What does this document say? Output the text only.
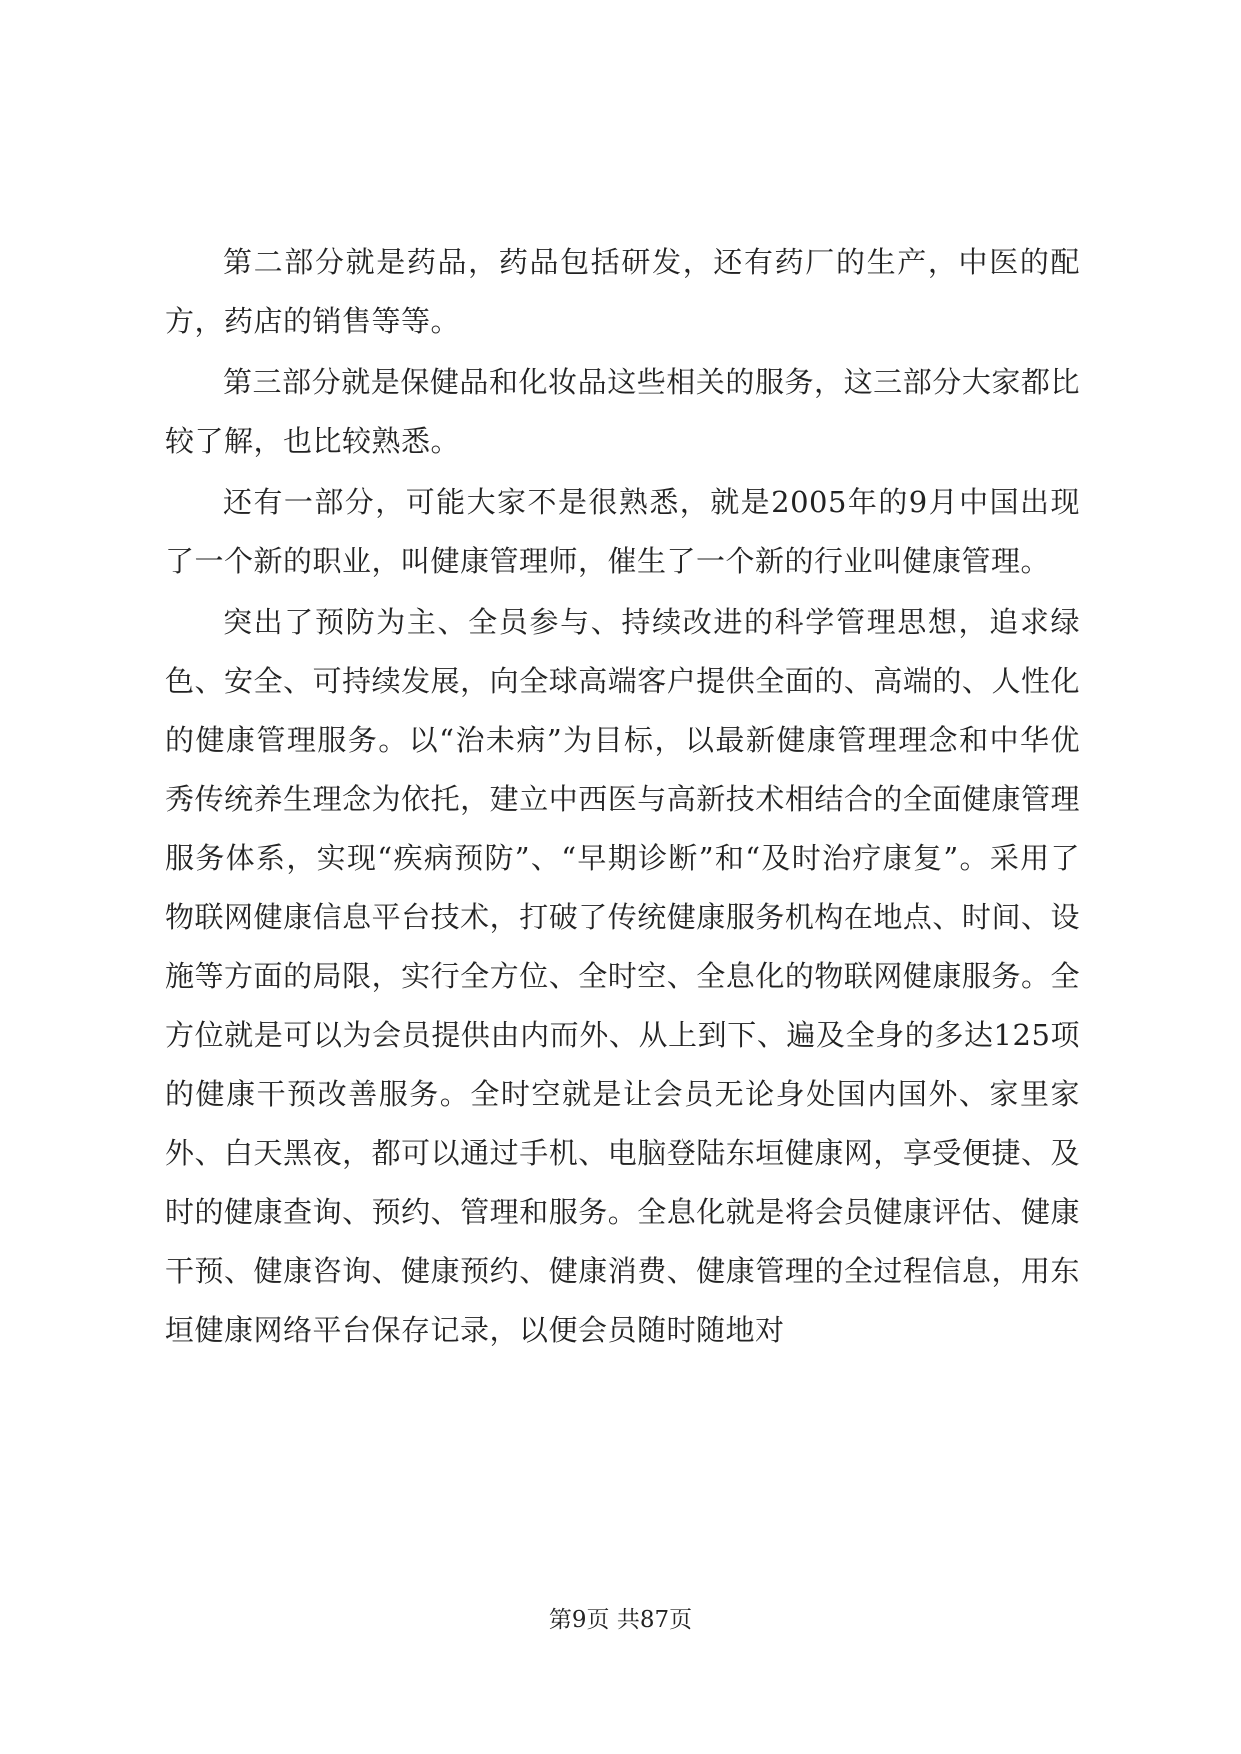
第二部分就是药品，药品包括研发，还有药厂的生产，中医的配方，药店的销售等等。

第三部分就是保健品和化妆品这些相关的服务，这三部分大家都比较了解，也比较熟悉。

还有一部分，可能大家不是很熟悉，就是2005年的9月中国出现了一个新的职业，叫健康管理师，催生了一个新的行业叫健康管理。

突出了预防为主、全员参与、持续改进的科学管理思想，追求绿色、安全、可持续发展，向全球高端客户提供全面的、高端的、人性化的健康管理服务。以“治未病”为目标，以最新健康管理理念和中华优秀传统养生理念为依托，建立中西医与高新技术相结合的全面健康管理服务体系，实现“疾病预防”、“早期诊断”和“及时治疗康复”。采用了物联网健康信息平台技术，打破了传统健康服务机构在地点、时间、设施等方面的局限，实行全方位、全时空、全息化的物联网健康服务。全方位就是可以为会员提供由内而外、从上到下、遍及全身的多达125项的健康干预改善服务。全时空就是让会员无论身处国内国外、家里家外、白天黑夜，都可以通过手机、电脑登陆东垣健康网，享受便捷、及时的健康查询、预约、管理和服务。全息化就是将会员健康评估、健康干预、健康咨询、健康预约、健康消费、健康管理的全过程信息，用东垣健康网络平台保存记录，以便会员随时随地对

第9页 共87页
